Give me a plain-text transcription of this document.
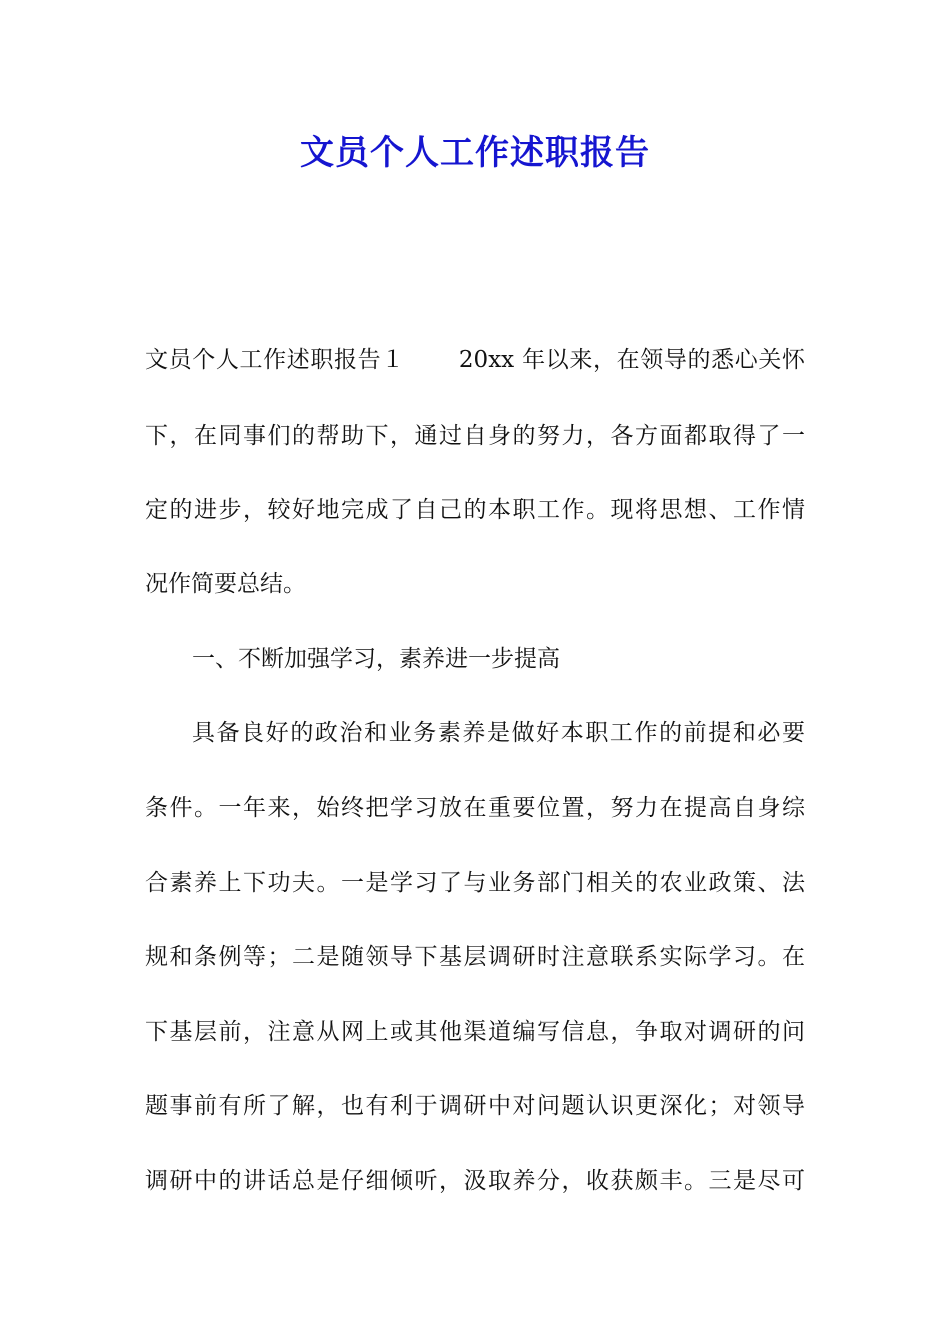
文员个人工作述职报告
文员个人工作述职报告１ 20xx 年以来，在领导的悉心关怀
下，在同事们的帮助下，通过自身的努力，各方面都取得了一
定的进步，较好地完成了自己的本职工作。现将思想、工作情
况作简要总结。
一、不断加强学习，素养进一步提高
具备良好的政治和业务素养是做好本职工作的前提和必要
条件。一年来，始终把学习放在重要位置，努力在提高自身综
合素养上下功夫。一是学习了与业务部门相关的农业政策、法
规和条例等；二是随领导下基层调研时注意联系实际学习。在
下基层前，注意从网上或其他渠道编写信息，争取对调研的问
题事前有所了解，也有利于调研中对问题认识更深化；对领导
调研中的讲话总是仔细倾听，汲取养分，收获颇丰。三是尽可
